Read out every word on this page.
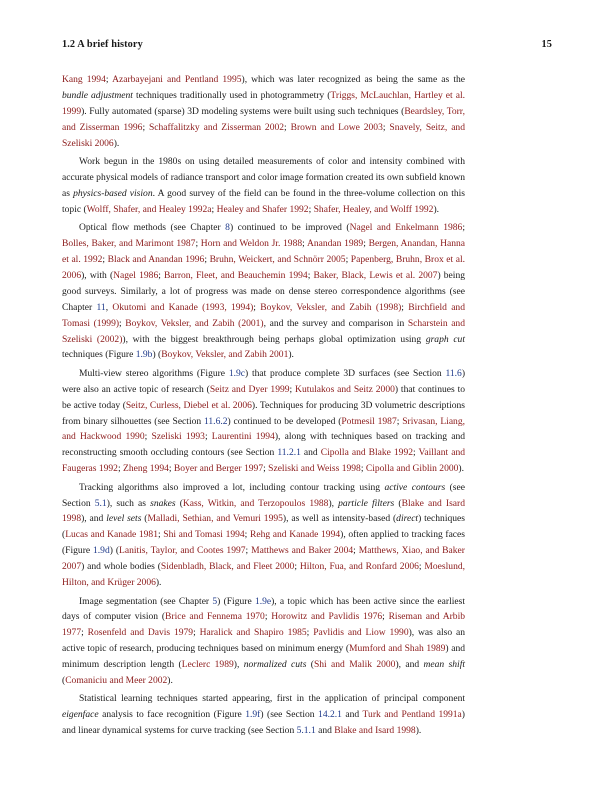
1.2 A brief history	15

Kang 1994; Azarbayejani and Pentland 1995), which was later recognized as being the same as the bundle adjustment techniques traditionally used in photogrammetry (Triggs, McLauchlan, Hartley et al. 1999). Fully automated (sparse) 3D modeling systems were built using such techniques (Beardsley, Torr, and Zisserman 1996; Schaffalitzky and Zisserman 2002; Brown and Lowe 2003; Snavely, Seitz, and Szeliski 2006).

Work begun in the 1980s on using detailed measurements of color and intensity combined with accurate physical models of radiance transport and color image formation created its own subfield known as physics-based vision. A good survey of the field can be found in the three-volume collection on this topic (Wolff, Shafer, and Healey 1992a; Healey and Shafer 1992; Shafer, Healey, and Wolff 1992).

Optical flow methods (see Chapter 8) continued to be improved (Nagel and Enkelmann 1986; Bolles, Baker, and Marimont 1987; Horn and Weldon Jr. 1988; Anandan 1989; Bergen, Anandan, Hanna et al. 1992; Black and Anandan 1996; Bruhn, Weickert, and Schnörr 2005; Papenberg, Bruhn, Brox et al. 2006), with (Nagel 1986; Barron, Fleet, and Beauchemin 1994; Baker, Black, Lewis et al. 2007) being good surveys. Similarly, a lot of progress was made on dense stereo correspondence algorithms (see Chapter 11, Okutomi and Kanade (1993, 1994); Boykov, Veksler, and Zabih (1998); Birchfield and Tomasi (1999); Boykov, Veksler, and Zabih (2001), and the survey and comparison in Scharstein and Szeliski (2002)), with the biggest breakthrough being perhaps global optimization using graph cut techniques (Figure 1.9b) (Boykov, Veksler, and Zabih 2001).

Multi-view stereo algorithms (Figure 1.9c) that produce complete 3D surfaces (see Section 11.6) were also an active topic of research (Seitz and Dyer 1999; Kutulakos and Seitz 2000) that continues to be active today (Seitz, Curless, Diebel et al. 2006). Techniques for producing 3D volumetric descriptions from binary silhouettes (see Section 11.6.2) continued to be developed (Potmesil 1987; Srivasan, Liang, and Hackwood 1990; Szeliski 1993; Laurentini 1994), along with techniques based on tracking and reconstructing smooth occluding contours (see Section 11.2.1 and Cipolla and Blake 1992; Vaillant and Faugeras 1992; Zheng 1994; Boyer and Berger 1997; Szeliski and Weiss 1998; Cipolla and Giblin 2000).

Tracking algorithms also improved a lot, including contour tracking using active contours (see Section 5.1), such as snakes (Kass, Witkin, and Terzopoulos 1988), particle filters (Blake and Isard 1998), and level sets (Malladi, Sethian, and Vemuri 1995), as well as intensity-based (direct) techniques (Lucas and Kanade 1981; Shi and Tomasi 1994; Rehg and Kanade 1994), often applied to tracking faces (Figure 1.9d) (Lanitis, Taylor, and Cootes 1997; Matthews and Baker 2004; Matthews, Xiao, and Baker 2007) and whole bodies (Sidenbladh, Black, and Fleet 2000; Hilton, Fua, and Ronfard 2006; Moeslund, Hilton, and Krüger 2006).

Image segmentation (see Chapter 5) (Figure 1.9e), a topic which has been active since the earliest days of computer vision (Brice and Fennema 1970; Horowitz and Pavlidis 1976; Riseman and Arbib 1977; Rosenfeld and Davis 1979; Haralick and Shapiro 1985; Pavlidis and Liow 1990), was also an active topic of research, producing techniques based on minimum energy (Mumford and Shah 1989) and minimum description length (Leclerc 1989), normalized cuts (Shi and Malik 2000), and mean shift (Comaniciu and Meer 2002).

Statistical learning techniques started appearing, first in the application of principal component eigenface analysis to face recognition (Figure 1.9f) (see Section 14.2.1 and Turk and Pentland 1991a) and linear dynamical systems for curve tracking (see Section 5.1.1 and Blake and Isard 1998).
